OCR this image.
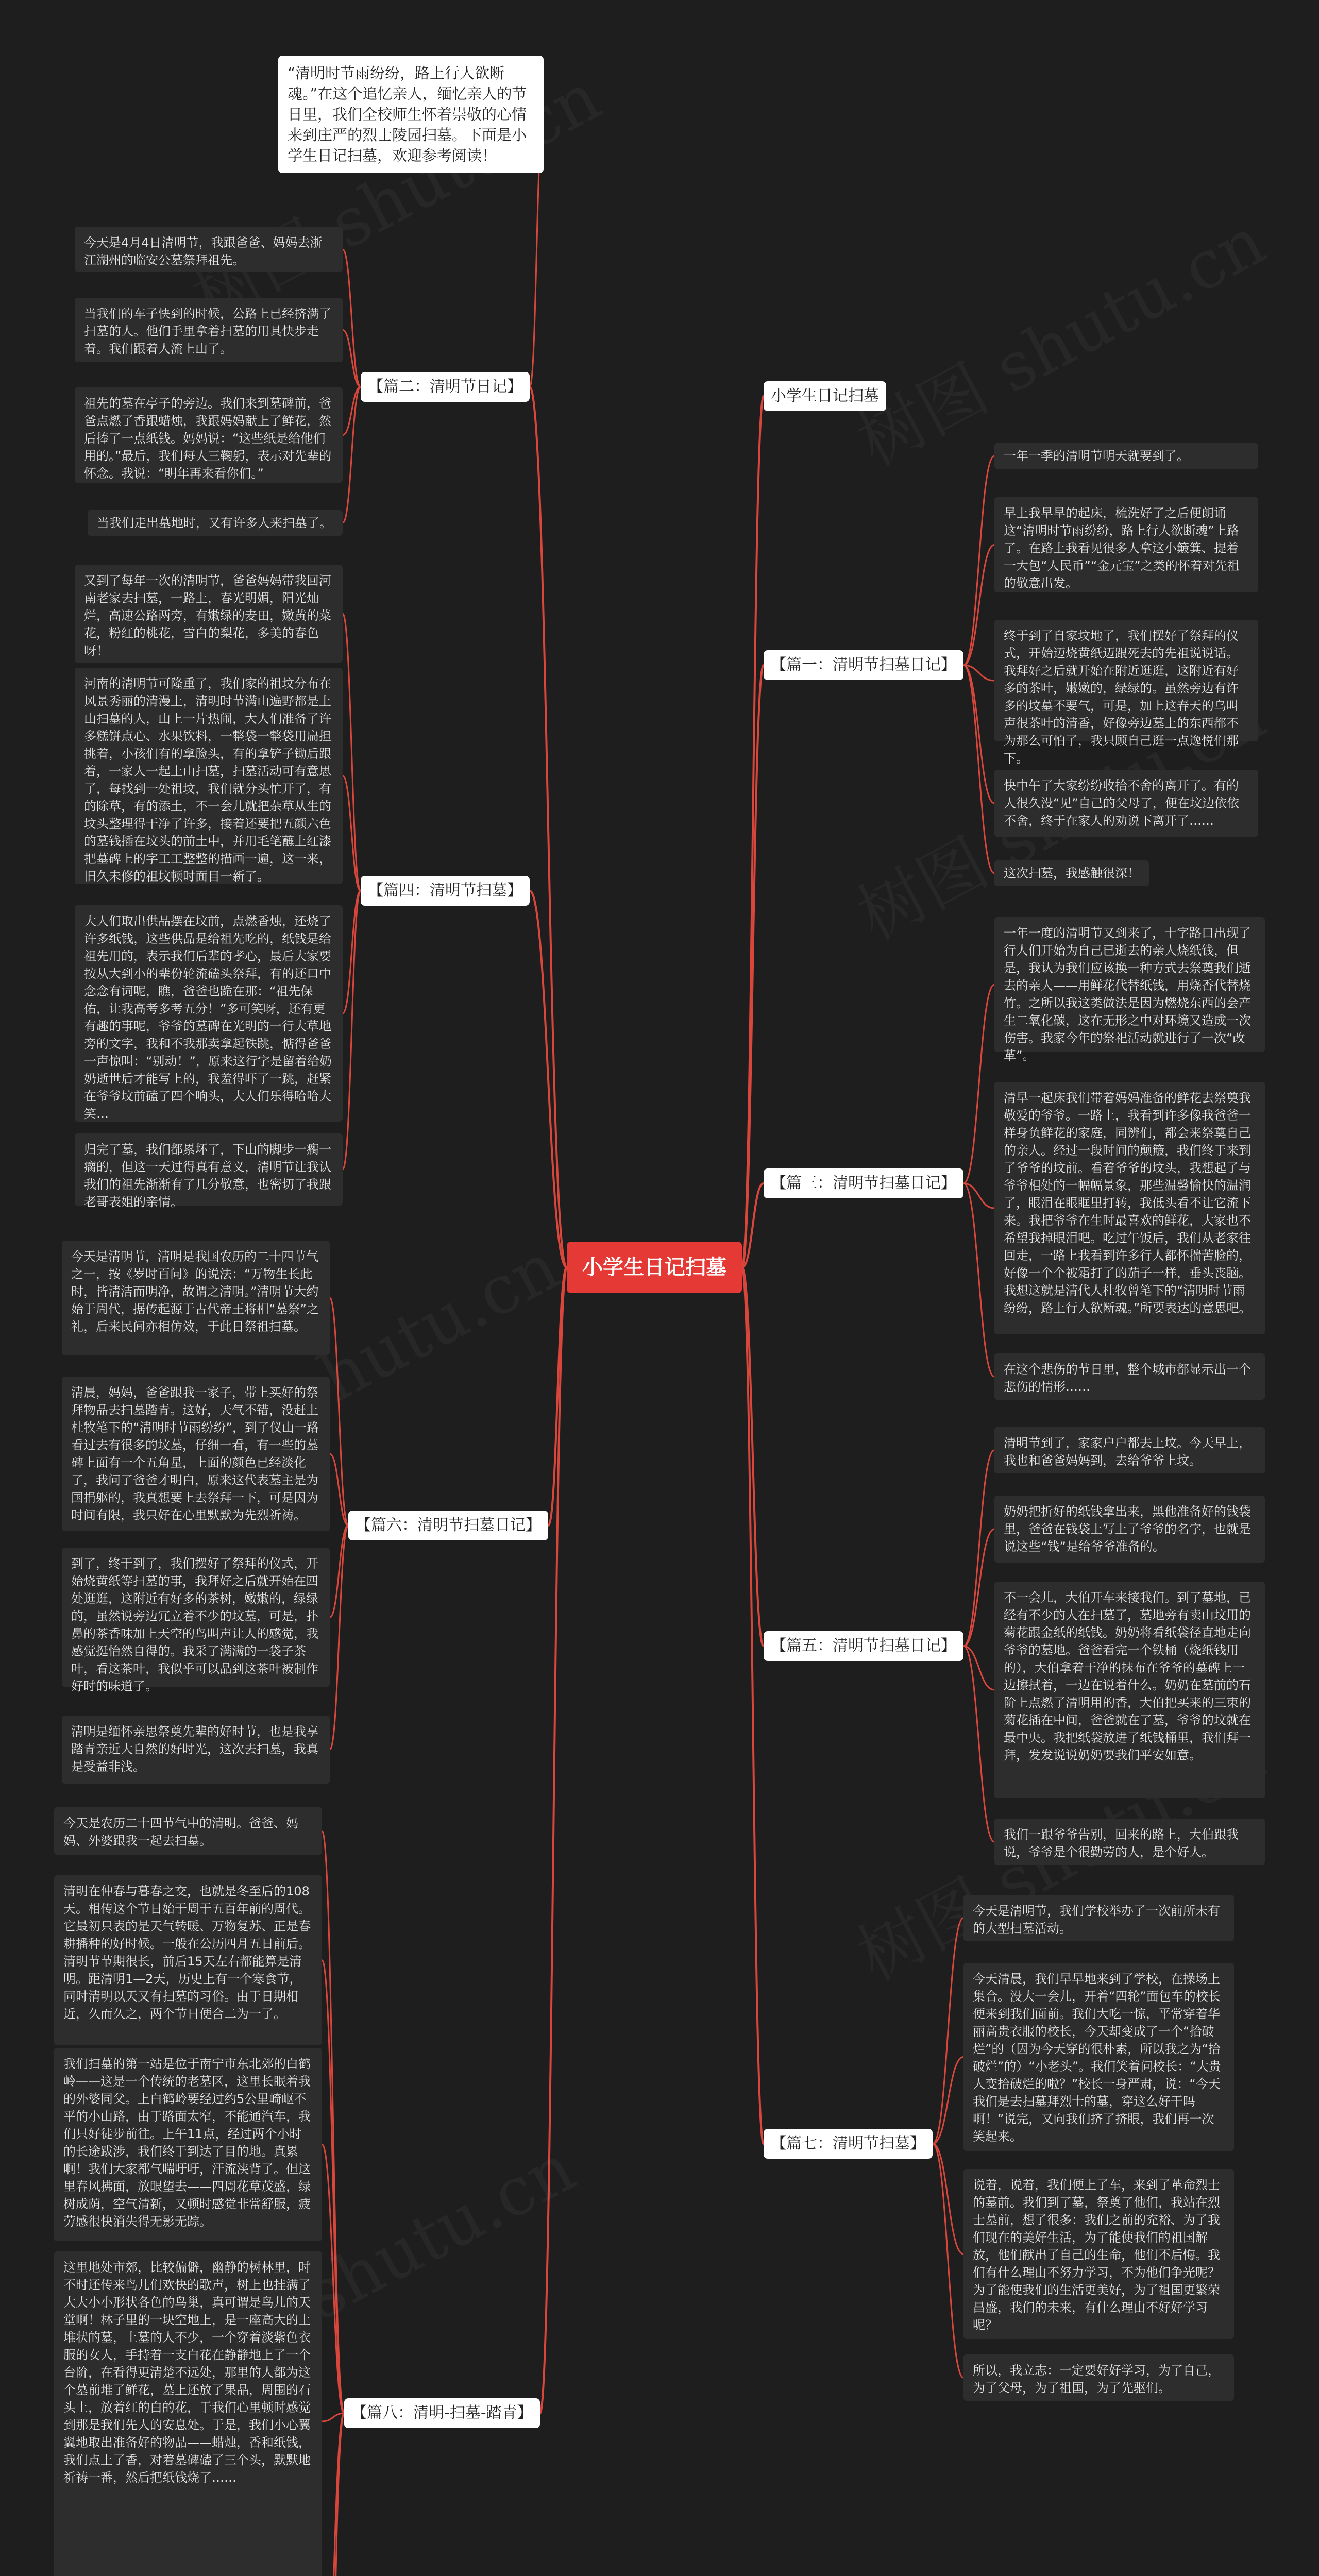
小学生日记扫墓
“清明时节雨纷纷，路上行人欲断魂。”在这个追忆亲人，缅忆亲人的节日里，我们全校师生怀着崇敬的心情来到庄严的烈士陵园扫墓。下面是小学生日记扫墓，欢迎参考阅读！
小学生日记扫墓
【篇一：清明节扫墓日记】
【篇二：清明节日记】
【篇三：清明节扫墓日记】
【篇四：清明节扫墓】
【篇五：清明节扫墓日记】
【篇六：清明节扫墓日记】
【篇七：清明节扫墓】
【篇八：清明-扫墓-踏青】
一年一季的清明节明天就要到了。
早上我早早的起床，梳洗好了之后便朗诵这“清明时节雨纷纷，路上行人欲断魂”上路了。在路上我看见很多人拿这小簸箕、提着一大包“人民币”“金元宝”之类的怀着对先祖的敬意出发。
终于到了自家坟地了，我们摆好了祭拜的仪式，开始迈烧黄纸迈跟死去的先祖说说话。我拜好之后就开始在附近逛逛，这附近有好多的茶叶，嫩嫩的，绿绿的。虽然旁边有许多的坟墓不要气，可是，加上这春天的乌叫声很茶叶的清香，好像旁边墓上的东西都不为那么可怕了，我只顾自己逛一点逸悦们那下。
快中午了大家纷纷收拾不舍的离开了。有的人很久没“见”自己的父母了，便在坟边依依不舍，终于在家人的劝说下离开了……
这次扫墓，我感触很深！
一年一度的清明节又到来了，十字路口出现了行人们开始为自己已逝去的亲人烧纸钱，但是，我认为我们应该换一种方式去祭奠我们逝去的亲人——用鲜花代替纸钱，用烧香代替烧竹。之所以我这类做法是因为燃烧东西的会产生二氧化碳，这在无形之中对环境又造成一次伤害。我家今年的祭祀活动就进行了一次“改革”。
清早一起床我们带着妈妈准备的鲜花去祭奠我敬爱的爷爷。一路上，我看到许多像我爸爸一样身负鲜花的家庭，同辨们，都会来祭奠自己的亲人。经过一段时间的颠簸，我们终于来到了爷爷的坟前。看着爷爷的坟头，我想起了与爷爷相处的一幅幅景象，那些温馨愉快的温润了，眼泪在眼眶里打转，我低头看不让它流下来。我把爷爷在生时最喜欢的鲜花，大家也不希望我掉眼泪吧。吃过午饭后，我们从老家往回走，一路上我看到许多行人都怀揣苦脸的，好像一个个被霜打了的茄子一样，垂头丧脑。我想这就是清代人杜牧曾笔下的“清明时节雨纷纷，路上行人欲断魂。”所要表达的意思吧。
在这个悲伤的节日里，整个城市都显示出一个悲伤的情形……
清明节到了，家家户户都去上坟。今天早上，我也和爸爸妈妈到，去给爷爷上坟。
奶奶把折好的纸钱拿出来，黑他准备好的钱袋里，爸爸在钱袋上写上了爷爷的名字，也就是说这些“钱”是给爷爷准备的。
不一会儿，大伯开车来接我们。到了墓地，已经有不少的人在扫墓了，墓地旁有卖山坟用的菊花跟金纸的纸钱。奶奶将看纸袋径直地走向爷爷的墓地。爸爸看完一个铁桶（烧纸钱用的），大伯拿着干净的抹布在爷爷的墓碑上一边擦拭着，一边在说着什么。奶奶在墓前的石阶上点燃了清明用的香，大伯把买来的三束的菊花插在中间，爸爸就在了墓，爷爷的坟就在最中央。我把纸袋放进了纸钱桶里，我们拜一拜，发发说说奶奶要我们平安如意。
我们一跟爷爷告别，回来的路上，大伯跟我说，爷爷是个很勤劳的人，是个好人。
今天是清明节，我们学校举办了一次前所未有的大型扫墓活动。
今天清晨，我们早早地来到了学校，在操场上集合。没大一会儿，开着“四轮”面包车的校长便来到我们面前。我们大吃一惊，平常穿着华丽高贵衣服的校长，今天却变成了一个“拾破烂”的（因为今天穿的很朴素，所以我之为“拾破烂”的）“小老头”。我们笑着问校长：“大贵人变拾破烂的啦？”校长一身严肃，说：“今天我们是去扫墓拜烈士的墓，穿这么好干吗啊！”说完，又向我们挤了挤眼，我们再一次笑起来。
说着，说着，我们便上了车，来到了革命烈士的墓前。我们到了墓，祭奠了他们，我站在烈士墓前，想了很多：我们之前的充裕、为了我们现在的美好生活，为了能使我们的祖国解放，他们献出了自己的生命，他们不后悔。我们有什么理由不努力学习，不为他们争光呢？为了能使我们的生活更美好，为了祖国更繁荣昌盛，我们的未来，有什么理由不好好学习呢？
所以，我立志：一定要好好学习，为了自己，为了父母，为了祖国，为了先驱们。
今天是4月4日清明节，我跟爸爸、妈妈去浙江湖州的临安公墓祭拜祖先。
当我们的车子快到的时候，公路上已经挤满了扫墓的人。他们手里拿着扫墓的用具快步走着。我们跟着人流上山了。
祖先的墓在亭子的旁边。我们来到墓碑前，爸爸点燃了香跟蜡烛，我跟妈妈献上了鲜花，然后捧了一点纸钱。妈妈说：“这些纸是给他们用的。”最后，我们每人三鞠躬，表示对先辈的怀念。我说：“明年再来看你们。”
当我们走出墓地时，又有许多人来扫墓了。
又到了每年一次的清明节，爸爸妈妈带我回河南老家去扫墓，一路上，春光明媚，阳光灿烂，高速公路两旁，有嫩绿的麦田，嫩黄的菜花，粉红的桃花，雪白的梨花，多美的春色呀！
河南的清明节可隆重了，我们家的祖坟分布在风景秀丽的清漫上，清明时节满山遍野都是上山扫墓的人，山上一片热闹，大人们准备了许多糕饼点心、水果饮料，一整袋一整袋用扁担挑着，小孩们有的拿脸头，有的拿铲子锄后跟着，一家人一起上山扫墓，扫墓活动可有意思了，每找到一处祖坟，我们就分头忙开了，有的除草，有的添土，不一会儿就把杂草从生的坟头整理得干净了许多，接着还要把五颜六色的墓钱插在坟头的前土中，并用毛笔蘸上红漆把墓碑上的字工工整整的描画一遍，这一来，旧久未修的祖坟顿时面目一新了。
大人们取出供品摆在坟前，点燃香烛，还烧了许多纸钱，这些供品是给祖先吃的，纸钱是给祖先用的，表示我们后辈的孝心，最后大家要按从大到小的辈份轮流磕头祭拜，有的还口中念念有词呢，瞧，爸爸也跪在那：“祖先保佑，让我高考多考五分！”多可笑呀，还有更有趣的事呢，爷爷的墓碑在光明的一行大草地旁的文字，我和不我那卖拿起铁跳，惦得爸爸一声惊叫：“别动！”，原来这行字是留着给奶奶逝世后才能写上的，我羞得吓了一跳，赶紧在爷爷坟前磕了四个响头，大人们乐得哈哈大笑…
归完了墓，我们都累坏了，下山的脚步一瘸一瘸的，但这一天过得真有意义，清明节让我认我们的祖先渐渐有了几分敬意，也密切了我跟老哥表姐的亲情。
今天是清明节，清明是我国农历的二十四节气之一，按《岁时百问》的说法：“万物生长此时，皆清洁而明净，故谓之清明。”清明节大约始于周代，据传起源于古代帝王将相“墓祭”之礼，后来民间亦相仿效，于此日祭祖扫墓。
清晨，妈妈，爸爸跟我一家子，带上买好的祭拜物品去扫墓踏青。这好，天气不错，没赶上杜牧笔下的“清明时节雨纷纷”，到了仪山一路看过去有很多的坟墓，仔细一看，有一些的墓碑上面有一个五角星，上面的颜色已经淡化了，我问了爸爸才明白，原来这代表墓主是为国捐躯的，我真想要上去祭拜一下，可是因为时间有限，我只好在心里默默为先烈祈祷。
到了，终于到了，我们摆好了祭拜的仪式，开始烧黄纸等扫墓的事，我拜好之后就开始在四处逛逛，这附近有好多的茶树，嫩嫩的，绿绿的，虽然说旁边冗立着不少的坟墓，可是，扑鼻的茶香味加上天空的鸟叫声让人的感觉，我感觉挺怡然自得的。我采了满满的一袋子茶叶，看这茶叶，我似乎可以品到这茶叶被制作好时的味道了。
清明是缅怀亲思祭奠先辈的好时节，也是我享踏青亲近大自然的好时光，这次去扫墓，我真是受益非浅。
今天是农历二十四节气中的清明。爸爸、妈妈、外婆跟我一起去扫墓。
清明在仲春与暮春之交，也就是冬至后的108天。相传这个节日始于周于五百年前的周代。它最初只表的是天气转暖、万物复苏、正是春耕播种的好时候。一般在公历四月五日前后。清明节节期很长，前后15天左右都能算是清明。距清明1—2天，历史上有一个寒食节，同时清明以天又有扫墓的习俗。由于日期相近，久而久之，两个节日便合二为一了。
我们扫墓的第一站是位于南宁市东北郊的白鹤岭——这是一个传统的老墓区，这里长眠着我的外婆同父。上白鹤岭要经过约5公里崎岖不平的小山路，由于路面太窄，不能通汽车，我们只好徒步前往。上午11点，经过两个小时的长途跋涉，我们终于到达了目的地。真累啊！我们大家都气喘吁吁，汗流浃背了。但这里春风拂面，放眼望去——四周花草茂盛，绿树成荫，空气清新，又顿时感觉非常舒服，疲劳感很快消失得无影无踪。
这里地处市郊，比较偏僻，幽静的树林里，时不时还传来鸟儿们欢快的歌声，树上也挂满了大大小小形状各色的鸟巢，真可谓是鸟儿的天堂啊！林子里的一块空地上，是一座高大的土堆状的墓，上墓的人不少，一个穿着淡紫色衣服的女人，手持着一支白花在静静地上了一个台阶，在看得更清楚不远处，那里的人都为这个墓前堆了鲜花，墓上还放了果品，周围的石头上，放着红的白的花，于我们心里顿时感觉到那是我们先人的安息处。于是，我们小心翼翼地取出准备好的物品——蜡烛，香和纸钱，我们点上了香，对着墓碑磕了三个头，默默地祈祷一番，然后把纸钱烧了……
